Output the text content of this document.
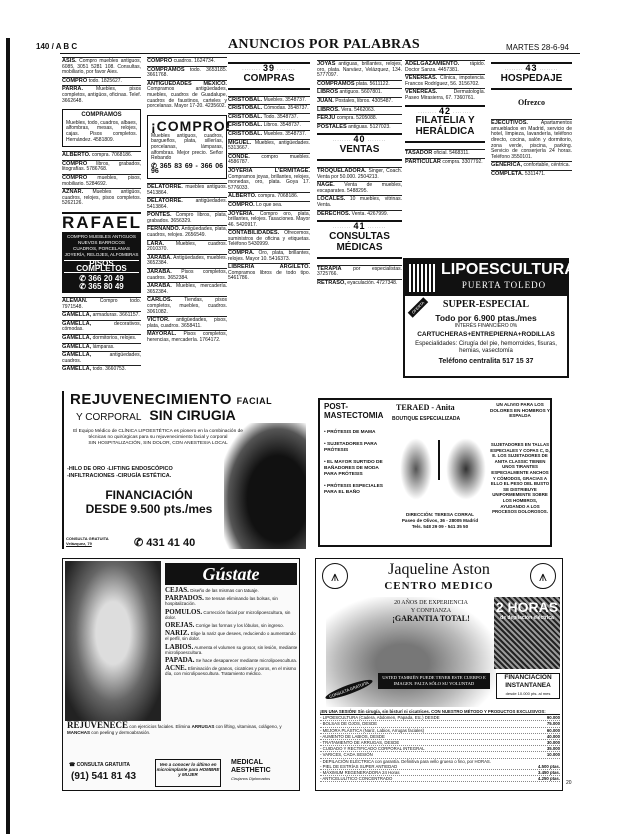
140 / A B C	ANUNCIOS POR PALABRAS	MARTES 28-6-94
ASIS. Compro muebles antiguos, 6085, 3051 5281 108. Consultas, mobiliario, por favor Aies.
COMPRO todo. 1825627.
PARRA.	Muebles, pisos completos, antigüos, oficinas. Telef. 3662648.
COMPRAMOS
Muebles, todo, cuadros, albaes, alfombras, mesas, relojes, cajas. Pisos completos. Hernández. 4581809.
ALBERTO. compra. 7068186.
COMPRO libros, grabados, litografías. 5786768.
COMPRO muebles, pisos, mobiliario. 5284692.
AZNAR. Muebles antigüos, cuadros, relojes, pisos completos. 5262126.
RAFAEL
COMPRO MUEBLES ANTIGUOS
NUEVOS BARROCOS
CUADROS, PORCELANAS
JOYERÍA, RELOJES, ALFOMBRAS
PISOS COMPLETOS
✆ 366 20 49
✆ 365 80 49
ALEMÁN. Compro todo. 7971548.
GAMELLA, armaduras. 3661157.
GAMELLA,	decorativos, cómodas.
GAMELLA, dormitorios, relojes.
GAMELLA, lámparas.
GAMELLA,	antigüedades, cuadros.
GAMELLA, todo. 3660753.
COMPRO cuadros. 1624734.
COMPRAMOS todo. 3653185. 3661768.
ANTIGÜEDADES MÉXICO. Compramos antigüedades, muebles, cuadros de Guadalupe, cuadros de faustinos, carteles y porcelanas. Mayor 17-20. 4235602.
¡COMPRO!
Muebles antiguos, cuadros, bargueños, plata, sillerías, porcelanas, lámparas, alfombras. Mejor precio. Señor Rebando
✆ 365 83 69 - 366 06 96
DELATORRE. muebles antiguos. 5413864.
DELATORRE.	antigüedades. 5413864.
PONTES. Compro libros, plata, grabados. 3656329.
FERNANDO. Antigüedades, plata, cuadros, relojes. 2656549.
LARA. Muebles, cuadros. 2010370.
JARABA. Antigüedades, muebles. 3652384.
JARABA. Pisos completos, cuadros. 3652384.
JARABA. Muebles, mercadería. 3652384.
CARLOS. Tiendas, pisos completos, muebles, cuadros. 3061082.
VÍCTOR. antigüedades, pisos, plata, cuadros. 3658411.
MAYORAL. Pisos completos, herencias, mercadería. 1764172.
········ 39 ········
COMPRAS
CRISTÓBAL. Muebles. 3548737.
CRISTÓBAL. Cómodas. 3548737.
CRISTÓBAL. Todo. 3548737.
CRISTÓBAL. Libros. 3548737.
CRISTÓBAL. Muebles. 3548737.
MIGUEL. Muebles, antigüedades. 5313667.
CONDE. compro muebles. 4586787.
JOYERÍA L'ERMITAGE. Compramos joyas, brillantes, relojes, monedas, oro, plata. Goya 17. 5776033.
ALBERTO. compra. 7068186.
COMPRO. Lo que sea.
JOYERÍA. Compro oro, plata, brillantes, relojes. Tasaciones. Mayor 46. 5420917.
CONTABILIDADES. Ofrecemos, suministros de oficina y etiquetas. Teléfono 5430999.
COMPRA. Oro, plata, brillantes, relojes. Mayor 10. 5416373.
LIBRERÍA ARGILETO. Compramos libros de todo tipo. 5461786.
JOYAS antiguas, brillantes, relojes, oro, plata. Narváez, Velázquez, 134. 5777097.
COMPRAMOS plata. 5611122.
LIBROS antiguos. 5607801.
JUAN. Postales, libros. 4305487.
LIBROS. Vera. 5462063.
FERJU compra. 5205088.
POSTALES antiguas. 5127023.
········ 40 ········
VENTAS
TROQUELADORA. Singer, Coach. Venta por 50.000. 2504213.
NAGE. Venta de muebles, escaparates. 5488295.
LOCALES. 10 muebles, vitrinas. Venta.
DERECHOS. Venta. 4267999.
········ 41 ········
CONSULTAS MÉDICAS
TERAPIA por especialistas. 3725766.
RETRASO, eyaculación. 4727348.
ADELGAZAMIENTO. rápido. Doctor Sanza. 4457381.
VENÉREAS. Clínica, impotencia. Francos Rodríguez, 56. 3156702.
VENÉREAS.	Dermatología. Paseo Mirasierra, 67. 7360761.
········ 42 ········
FILATELIA Y HERÁLDICA
TASADOR oficial. 5468311.
PARTICULAR compra. 3307792.
········ 43 ········
HOSPEDAJE
Ofrezco
EJECUTIVOS.	Apartamentos amueblados en Madrid, servicio de hotel, limpieza, lavandería, teléfono directo, cocina, salón y dormitorio, zona verde, piscina, parking. Servicio de conserjería 24 horas. Teléfono 3550101.
GENÉRICA, confortable, céntrica.
COMPLETA. 5311471.
LIPOESCULTURA
PUERTA TOLEDO
OFERTA	SUPER-ESPECIAL
Todo por 6.900 ptas./mes
INTERÉS FINANCIERO 0%
CARTUCHERAS+ENTREPIERNA+RODILLAS
Especialidades: Cirugía del pie, hemorroides, fisuras, hernias, vasectomía
Teléfono centralita 517 15 37
REJUVENECIMIENTO FACIAL
Y CORPORAL SIN CIRUGIA
El Equipo Médico de CLÍNICA LIPOESTÉTICA es pionero en la combinación de técnicas no quirúrgicas para su rejuvenecimiento facial y corporal
SIN HOSPITALIZACIÓN, SIN DOLOR, CON ANESTESIA LOCAL
-HILO DE ORO -LIFTING ENDOSCÓPICO
-INFILTRACIONES -CIRUGÍA ESTÉTICA.
FINANCIACIÓN
DESDE 9.500 pts./mes
CONSULTA GRATUITA
Velázquez, 79	✆ 431 41 40
POST-MASTECTOMIA
TERAED - Anita
BOUTIQUE ESPECIALIZADA
UN ALIVIO PARA LOS DOLORES EN HOMBROS Y ESPALDA
• PRÓTESIS DE MAMA
• SUJETADORES PARA PRÓTESIS
• EL MAYOR SURTIDO DE BAÑADORES DE MODA PARA PRÓTESIS
• PRÓTESIS ESPECIALES PARA EL BAÑO
SUJETADORES EN TALLAS ESPECIALES Y COPAS C, D, E. LOS SUJETADORES DE ANITA CLASSIC TIENEN UNOS TIRANTES ESPECIALMENTE ANCHOS Y CÓMODOS, GRACIAS A ELLO EL PESO DEL BUSTO SE DISTRIBUYE UNIFORMEMENTE SOBRE LOS HOMBROS, AYUDANDO A LOS PROCESOS DOLOROSOS.
DIRECCIÓN: TERESA CORRAL
Paseo de Olivos, 36 - 28005 Madrid
Tels. 548 29 09 - 541 35 50
Gústate
CEJAS. Diseño de las mismas con tatuaje.
PARPADOS. Se tensan eliminando las bolsas, sin hospitalización.
POMULOS. Corrección facial por microlipoescultura, sin dolor.
OREJAS. Corrige las formas y los lóbulos, sin ingreso.
NARIZ. Elige la nariz que desees, reduciendo o aumentando el perfil, sin dolor.
LABIOS. Aumenta el volumen su grosor, sin lesión, mediante microlipoescultura.
PAPADA. Se hace desaparecer mediante microlipoescultura.
ACNE. Eliminación de granos, cicatrices y poros, en el mismo día, con microlipoescultura. Tratamiento médico.
REJUVENECE con ejercicios faciales. Elimina ARRUGAS con lifting, vitaminas, colágeno, y MANCHAS con peeling y dermoabrasión.
☎ CONSULTA GRATUITA
(91) 541 81 43
Ven a conocer lo último en microimplante para HOMBRE y MUJER
MEDICAL
AESTHETIC
Cirujanos Diplomados
⩚	⩚
Jaqueline Aston
CENTRO MEDICO
20 AÑOS DE EXPERIENCIA
Y CONFIANZA
¡GARANTIA TOTAL!
2 HORAS
de depilación eléctrica
USTED TAMBIÉN PUEDE TENER ESTE CUERPO E IMAGEN. FALTA SÓLO SU VOLUNTAD
CONSULTA GRATUITA
FINANCIACION
INSTANTANEA
desde 10.000 pts. al mes
¡EN UNA SESIÓN! Sin cirugía, sin bisturí ni cicatrices. CON NUESTRO MÉTODO Y PRODUCTOS EXCLUSIVOS:
- LIPOESCULTURA (Cadera, Abdomen, Papada, Etc.) DESDE	90.000
- BOLSAS DE OJOS, DESDE	75.000
- MEJORA PLÁSTICA (Nariz, Labios, Arrugas faciales)	60.000
- AUMENTO DE LABIOS, DESDE	40.000
- TRATAMIENTO DE ARRUGAS, DESDE	30.000
- CUIDADO Y RECTIFICADO CORPORAL INTEGRAL	35.000
- VARICES, CADA SESIÓN	10.000
- DEPILACIÓN ELÉCTRICA con garantía. Definitiva para vello grueso o fino, por HORAS.
- PIEL DE ESTRÍAS SUPER ANTIEDAD	4.500 ptas.
- MÁXIMUM REGENERADORA 24 Horas	3.450 ptas.
- ANTICELULÍTICO CONCENTRADO	4.250 ptas.
20
